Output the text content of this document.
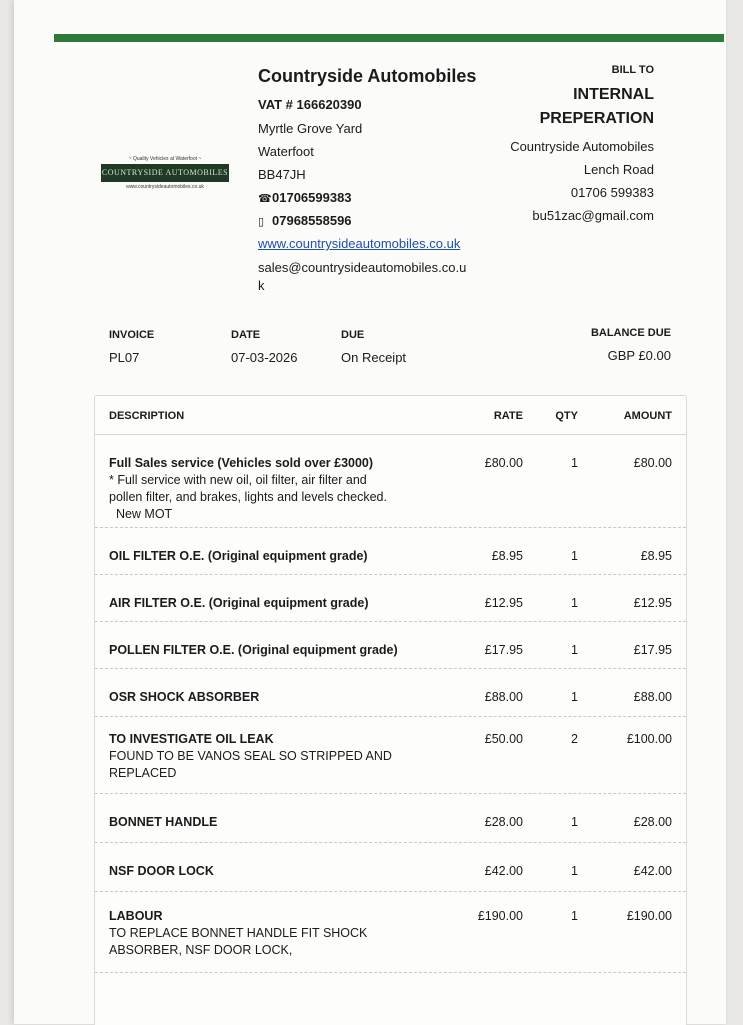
~ Quality Vehicles at Waterfoot ~
COUNTRYSIDE AUTOMOBILES
www.countrysideautomobiles.co.uk
Countryside Automobiles
VAT # 166620390
Myrtle Grove Yard
Waterfoot
BB47JH
☎01706599383
▯ 07968558596
www.countrysideautomobiles.co.uk
sales@countrysideautomobiles.co.u
k
BILL TO
INTERNAL
PREPERATION
Countryside Automobiles
Lench Road
01706 599383
bu51zac@gmail.com
INVOICE
PL07
DATE
07-03-2026
DUE
On Receipt
BALANCE DUE
GBP £0.00
DESCRIPTION	RATE	QTY	AMOUNT
Full Sales service (Vehicles sold over £3000)
* Full service with new oil, oil filter, air filter and
pollen filter, and brakes, lights and levels checked.
New MOT
£80.00	1	£80.00
OIL FILTER O.E. (Original equipment grade)	£8.95	1	£8.95
AIR FILTER O.E. (Original equipment grade)	£12.95	1	£12.95
POLLEN FILTER O.E. (Original equipment grade)	£17.95	1	£17.95
OSR SHOCK ABSORBER	£88.00	1	£88.00
TO INVESTIGATE OIL LEAK
FOUND TO BE VANOS SEAL SO STRIPPED AND
REPLACED
£50.00	2	£100.00
BONNET HANDLE	£28.00	1	£28.00
NSF DOOR LOCK	£42.00	1	£42.00
LABOUR
TO REPLACE BONNET HANDLE FIT SHOCK
ABSORBER, NSF DOOR LOCK,
£190.00	1	£190.00
